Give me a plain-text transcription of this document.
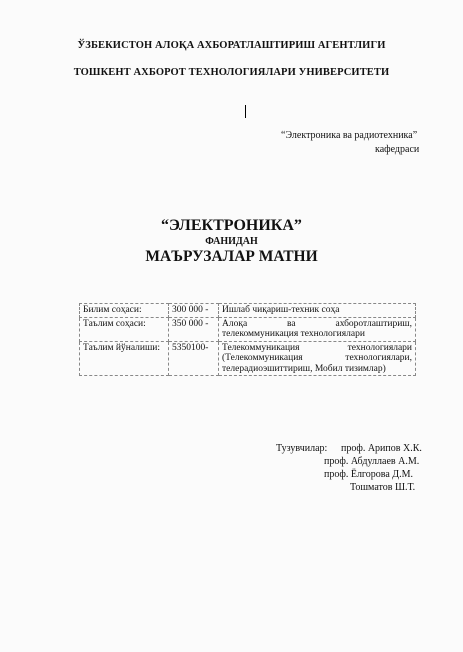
ЎЗБЕКИСТОН АЛОҚА АХБОРАТЛАШТИРИШ АГЕНТЛИГИ
ТОШКЕНТ АХБОРОТ ТЕХНОЛОГИЯЛАРИ УНИВЕРСИТЕТИ
“Электроника ва радиотехника”
кафедраси
“ЭЛЕКТРОНИКА”
ФАНИДАН
МАЪРУЗАЛАР МАТНИ
Билим соҳаси:	300 000 -	Ишлаб чиқариш-техник соҳа
Таълим соҳаси:	350 000 -	Алоқа ва ахборотлаштириш, телекоммуникация технологиялари
Таълим йўналиши:	5350100-	Телекоммуникация технологиялари (Телекоммуникация технологиялари, телерадиоэшиттириш, Мобил тизимлар)
Тузувчилар: проф. Арипов Х.К.
проф. Абдуллаев А.М.
проф. Ёлгорова Д.М.
Тошматов Ш.Т.
